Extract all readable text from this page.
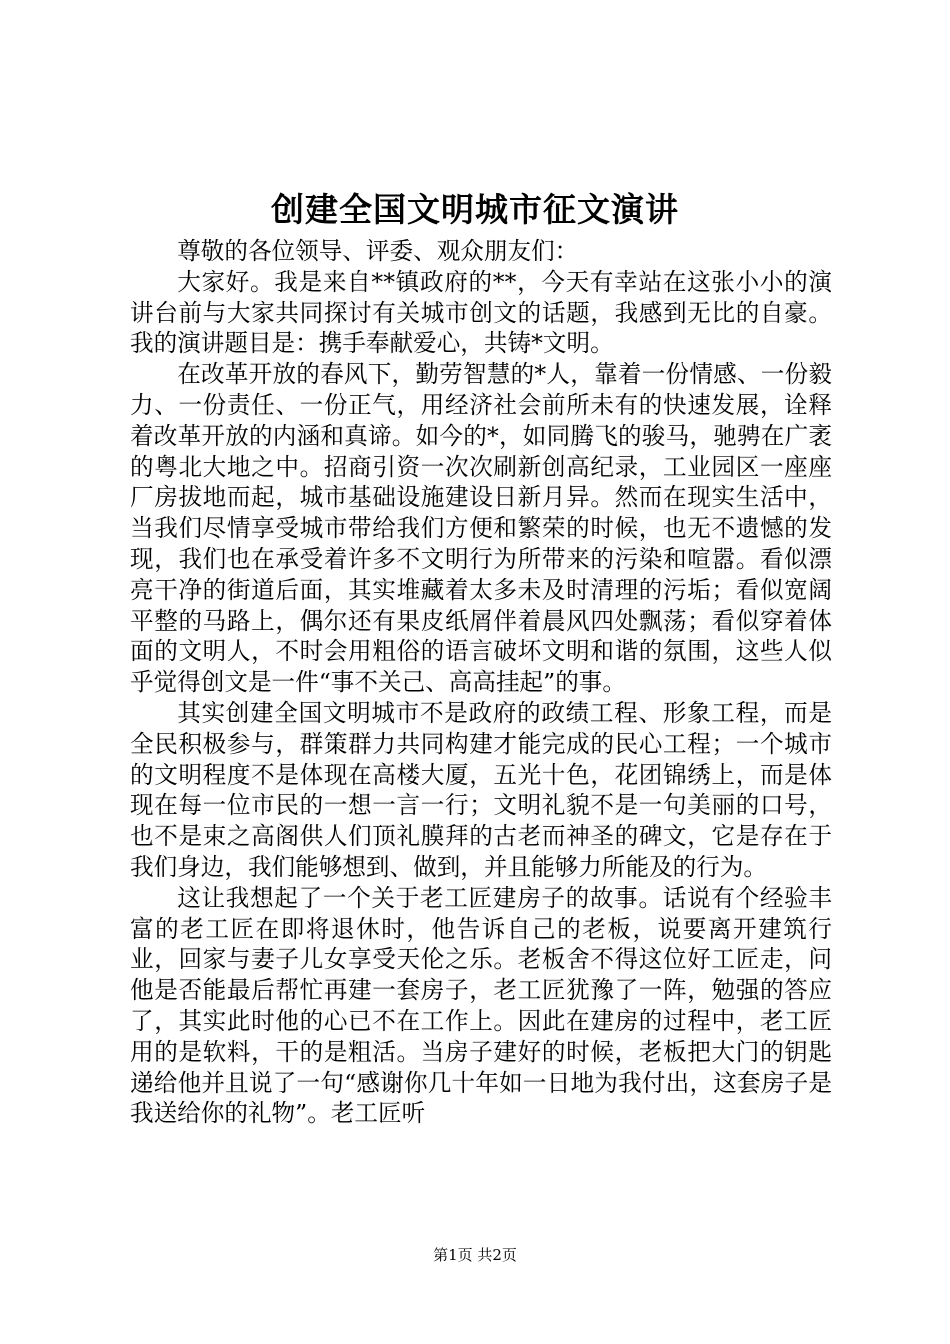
创建全国文明城市征文演讲

尊敬的各位领导、评委、观众朋友们：

大家好。我是来自**镇政府的**，今天有幸站在这张小小的演讲台前与大家共同探讨有关城市创文的话题，我感到无比的自豪。我的演讲题目是：携手奉献爱心，共铸*文明。

在改革开放的春风下，勤劳智慧的*人，靠着一份情感、一份毅力、一份责任、一份正气，用经济社会前所未有的快速发展，诠释着改革开放的内涵和真谛。如今的*，如同腾飞的骏马，驰骋在广袤的粤北大地之中。招商引资一次次刷新创高纪录，工业园区一座座厂房拔地而起，城市基础设施建设日新月异。然而在现实生活中，当我们尽情享受城市带给我们方便和繁荣的时候，也无不遗憾的发现，我们也在承受着许多不文明行为所带来的污染和喧嚣。看似漂亮干净的街道后面，其实堆藏着太多未及时清理的污垢；看似宽阔平整的马路上，偶尔还有果皮纸屑伴着晨风四处飘荡；看似穿着体面的文明人，不时会用粗俗的语言破坏文明和谐的氛围，这些人似乎觉得创文是一件“事不关己、高高挂起”的事。

其实创建全国文明城市不是政府的政绩工程、形象工程，而是全民积极参与，群策群力共同构建才能完成的民心工程；一个城市的文明程度不是体现在高楼大厦，五光十色，花团锦绣上，而是体现在每一位市民的一想一言一行；文明礼貌不是一句美丽的口号，也不是束之高阁供人们顶礼膜拜的古老而神圣的碑文，它是存在于我们身边，我们能够想到、做到，并且能够力所能及的行为。

这让我想起了一个关于老工匠建房子的故事。话说有个经验丰富的老工匠在即将退休时，他告诉自己的老板，说要离开建筑行业，回家与妻子儿女享受天伦之乐。老板舍不得这位好工匠走，问他是否能最后帮忙再建一套房子，老工匠犹豫了一阵，勉强的答应了，其实此时他的心已不在工作上。因此在建房的过程中，老工匠用的是软料，干的是粗活。当房子建好的时候，老板把大门的钥匙递给他并且说了一句“感谢你几十年如一日地为我付出，这套房子是我送给你的礼物”。老工匠听

第1页 共2页
